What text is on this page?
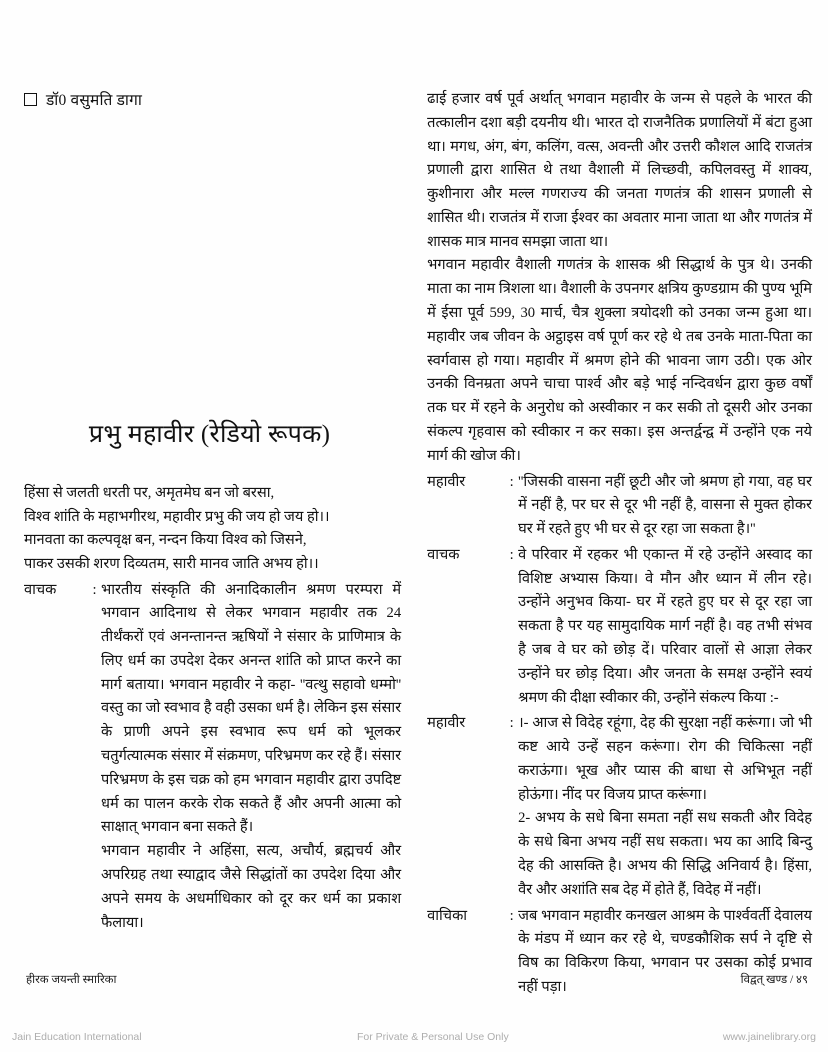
डॉ0 वसुमति डागा
प्रभु महावीर (रेडियो रूपक)
हिंसा से जलती धरती पर, अमृतमेघ बन जो बरसा,
विश्व शांति के महाभगीरथ, महावीर प्रभु की जय हो जय हो।।
मानवता का कल्पवृक्ष बन, नन्दन किया विश्व को जिसने,
पाकर उसकी शरण दिव्यतम, सारी मानव जाति अभय हो।।
वाचक	: भारतीय संस्कृति की अनादिकालीन श्रमण परम्परा में भगवान आदिनाथ से लेकर भगवान महावीर तक 24 तीर्थंकरों एवं अनन्तानन्त ऋषियों ने संसार के प्राणिमात्र के लिए धर्म का उपदेश देकर अनन्त शांति को प्राप्त करने का मार्ग बताया। भगवान महावीर ने कहा- ''वत्थु सहावो धम्मो'' वस्तु का जो स्वभाव है वही उसका धर्म है। लेकिन इस संसार के प्राणी अपने इस स्वभाव रूप धर्म को भूलकर चतुर्गत्यात्मक संसार में संक्रमण, परिभ्रमण कर रहे हैं। संसार परिभ्रमण के इस चक्र को हम भगवान महावीर द्वारा उपदिष्ट धर्म का पालन करके रोक सकते हैं और अपनी आत्मा को साक्षात् भगवान बना सकते हैं।

भगवान महावीर ने अहिंसा, सत्य, अचौर्य, ब्रह्मचर्य और अपरिग्रह तथा स्याद्वाद जैसे सिद्धांतों का उपदेश दिया और अपने समय के अधर्माधिकार को दूर कर धर्म का प्रकाश फैलाया।

ढाई हजार वर्ष पूर्व अर्थात् भगवान महावीर के जन्म से पहले के भारत की तत्कालीन दशा बड़ी दयनीय थी। भारत दो राजनैतिक प्रणालियों में बंटा हुआ था। मगध, अंग, बंग, कलिंग, वत्स, अवन्ती और उत्तरी कौशल आदि राजतंत्र प्रणाली द्वारा शासित थे तथा वैशाली में लिच्छवी, कपिलवस्तु में शाक्य, कुशीनारा और मल्ल गणराज्य की जनता गणतंत्र की शासन प्रणाली से शासित थी। राजतंत्र में राजा ईश्वर का अवतार माना जाता था और गणतंत्र में शासक मात्र मानव समझा जाता था।

भगवान महावीर वैशाली गणतंत्र के शासक श्री सिद्धार्थ के पुत्र थे। उनकी माता का नाम त्रिशला था। वैशाली के उपनगर क्षत्रिय कुण्डग्राम की पुण्य भूमि में ईसा पूर्व 599, 30 मार्च, चैत्र शुक्ला त्रयोदशी को उनका जन्म हुआ था। महावीर जब जीवन के अट्ठाइस वर्ष पूर्ण कर रहे थे तब उनके माता-पिता का स्वर्गवास हो गया। महावीर में श्रमण होने की भावना जाग उठी। एक ओर उनकी विनम्रता अपने चाचा पार्श्व और बड़े भाई नन्दिवर्धन द्वारा कुछ वर्षों तक घर में रहने के अनुरोध को अस्वीकार न कर सकी तो दूसरी ओर उनका संकल्प गृहवास को स्वीकार न कर सका। इस अन्तर्द्वन्द्व में उन्होंने एक नये मार्ग की खोज की।

महावीर	: ''जिसकी वासना नहीं छूटी और जो श्रमण हो गया, वह घर में नहीं है, पर घर से दूर भी नहीं है, वासना से मुक्त होकर घर में रहते हुए भी घर से दूर रहा जा सकता है।''

वाचक	: वे परिवार में रहकर भी एकान्त में रहे उन्होंने अस्वाद का विशिष्ट अभ्यास किया। वे मौन और ध्यान में लीन रहे। उन्होंने अनुभव किया- घर में रहते हुए घर से दूर रहा जा सकता है पर यह सामुदायिक मार्ग नहीं है। वह तभी संभव है जब वे घर को छोड़ दें। परिवार वालों से आज्ञा लेकर उन्होंने घर छोड़ दिया। और जनता के समक्ष उन्होंने स्वयं श्रमण की दीक्षा स्वीकार की, उन्होंने संकल्प किया :-

महावीर	: ।- आज से विदेह रहूंगा, देह की सुरक्षा नहीं करूंगा। जो भी कष्ट आये उन्हें सहन करूंगा। रोग की चिकित्सा नहीं कराऊंगा। भूख और प्यास की बाधा से अभिभूत नहीं होऊंगा। नींद पर विजय प्राप्त करूंगा।

2- अभय के सधे बिना समता नहीं सध सकती और विदेह के सधे बिना अभय नहीं सध सकता। भय का आदि बिन्दु देह की आसक्ति है। अभय की सिद्धि अनिवार्य है। हिंसा, वैर और अशांति सब देह में होते हैं, विदेह में नहीं।

वाचिका	: जब भगवान महावीर कनखल आश्रम के पार्श्ववर्ती देवालय के मंडप में ध्यान कर रहे थे, चण्डकौशिक सर्प ने दृष्टि से विष का विकिरण किया, भगवान पर उसका कोई प्रभाव नहीं पड़ा।

हीरक जयन्ती स्मारिका	विद्वत् खण्ड / ४९
Jain Education International	For Private & Personal Use Only	www.jainelibrary.org
